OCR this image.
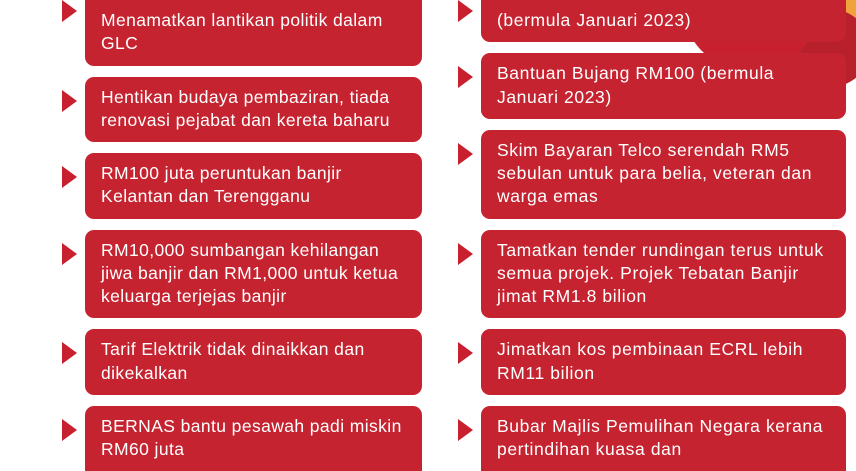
Menamatkan lantikan politik dalam GLC
Hentikan budaya pembaziran, tiada renovasi pejabat dan kereta baharu
RM100 juta peruntukan banjir Kelantan dan Terengganu
RM10,000 sumbangan kehilangan jiwa banjir dan RM1,000 untuk ketua keluarga terjejas banjir
Tarif Elektrik tidak dinaikkan dan dikekalkan
BERNAS bantu pesawah padi miskin RM60 juta
(bermula Januari 2023)
Bantuan Bujang RM100 (bermula Januari 2023)
Skim Bayaran Telco serendah RM5 sebulan untuk para belia, veteran dan warga emas
Tamatkan tender rundingan terus untuk semua projek. Projek Tebatan Banjir jimat RM1.8 bilion
Jimatkan kos pembinaan ECRL lebih RM11 bilion
Bubar Majlis Pemulihan Negara kerana pertindihan kuasa dan
